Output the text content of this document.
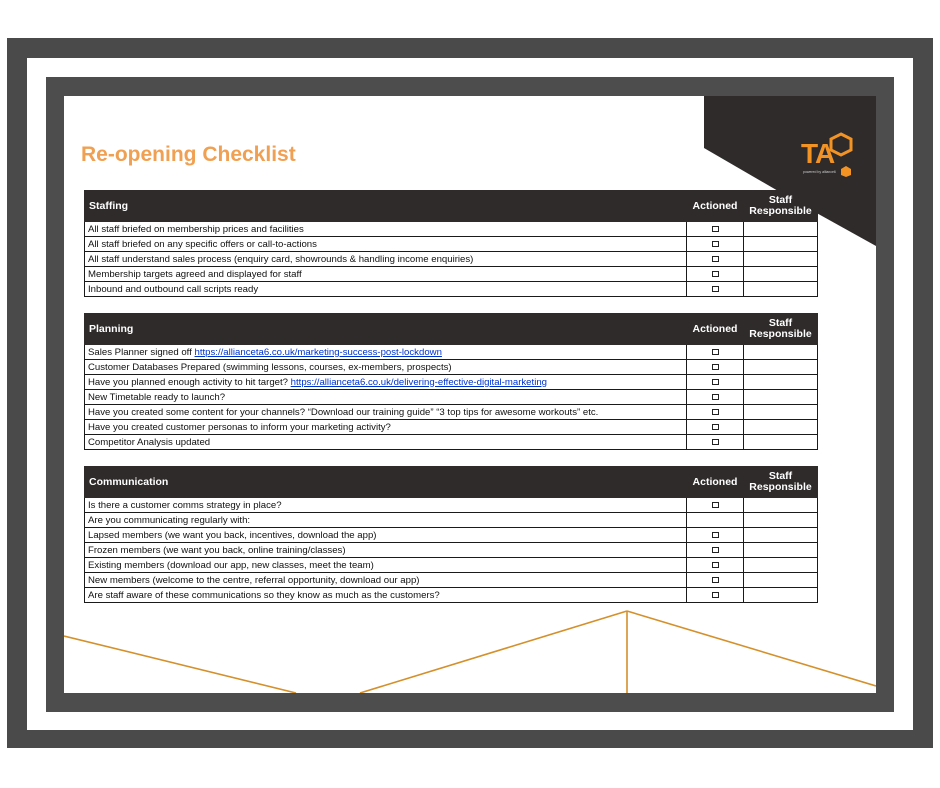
TA
powered by alliance6
Re-opening Checklist
Staffing	Actioned	Staff
Responsible
All staff briefed on membership prices and facilities		
All staff briefed on any specific offers or call-to-actions		
All staff understand sales process (enquiry card, showrounds & handling income enquiries)		
Membership targets agreed and displayed for staff		
Inbound and outbound call scripts ready		
Planning	Actioned	Staff
Responsible
Sales Planner signed off https://allianceta6.co.uk/marketing-success-post-lockdown		
Customer Databases Prepared (swimming lessons, courses, ex-members, prospects)		
Have you planned enough activity to hit target? https://allianceta6.co.uk/delivering-effective-digital-marketing		
New Timetable ready to launch?		
Have you created some content for your channels? “Download our training guide” “3 top tips for awesome workouts” etc.		
Have you created customer personas to inform your marketing activity?		
Competitor Analysis updated		
Communication	Actioned	Staff
Responsible
Is there a customer comms strategy in place?		
Are you communicating regularly with:		
Lapsed members (we want you back, incentives, download the app)		
Frozen members (we want you back, online training/classes)		
Existing members (download our app, new classes, meet the team)		
New members (welcome to the centre, referral opportunity, download our app)		
Are staff aware of these communications so they know as much as the customers?		
